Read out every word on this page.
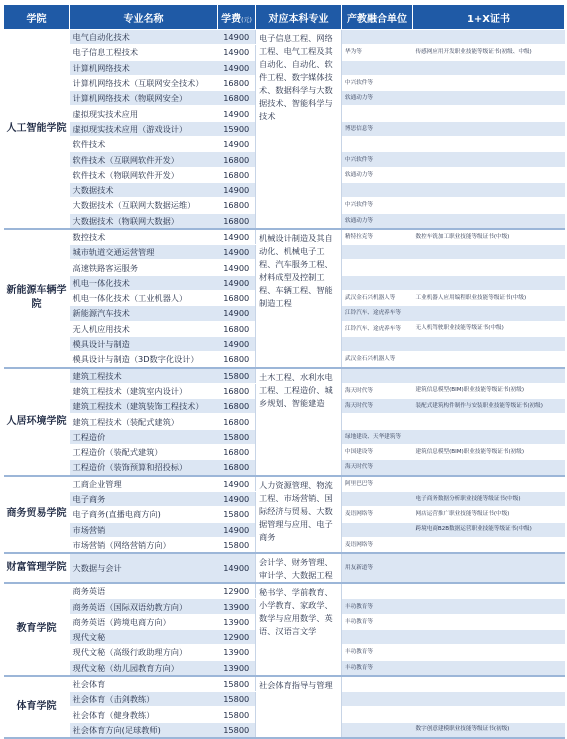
学院	专业名称	学费(元)	对应本科专业	产教融合单位	1+X证书
人工智能学院	电气自动化技术	14900	电子信息工程、网络工程、电气工程及其自动化、自动化、软件工程、数字媒体技术、数据科学与大数据技术、智能科学与技术		
	电子信息工程技术	14900		华为等	传感网应用开发职业技能等级证书(初级、中级)
	计算机网络技术	14900			
	计算机网络技术（互联网安全技术）	16800		中兴软件等	
	计算机网络技术（物联网安全）	16800		软通动力等	
	虚拟现实技术应用	14900			
	虚拟现实技术应用（游戏设计）	15900		博思信息等	
	软件技术	14900			
	软件技术（互联网软件开发）	16800		中兴软件等	
	软件技术（物联网软件开发）	16800		软通动力等	
	大数据技术	14900			
	大数据技术（互联网大数据运维）	16800		中兴软件等	
	大数据技术（物联网大数据）	16800		软通动力等	
新能源车辆学院	数控技术	14900	机械设计制造及其自动化、机械电子工程、汽车服务工程、材料成型及控制工程、车辆工程、智能制造工程	精特拉克等	数控车铣加工职业技能等级证书(中级)
	城市轨道交通运营管理	14900			
	高速铁路客运服务	14900			
	机电一体化技术	14900			
	机电一体化技术（工业机器人）	16800		武汉金石兴机器人等	工业机器人应用编程职业技能等级证书(中级)
	新能源汽车技术	14900		江铃汽车、途虎养车等	
	无人机应用技术	16800		江铃汽车、途虎养车等	无人机驾驶职业技能等级证书(中级)
	模具设计与制造	14900			
	模具设计与制造（3D数字化设计）	16800		武汉金石兴机器人等	
人居环境学院	建筑工程技术	15800	土木工程、水利水电工程、工程造价、城乡规划、智能建造		
	建筑工程技术（建筑室内设计）	16800		海天时代等	建筑信息模型(BIM)职业技能等级证书(初级)
	建筑工程技术（建筑装饰工程技术）	16800		海天时代等	装配式建筑构件制作与安装职业技能等级证书(初级)
	建筑工程技术（装配式建筑）	16800			
	工程造价	15800		绿地建设、天华建筑等	
	工程造价（装配式建筑）	16800		中国建设等	建筑信息模型(BIM)职业技能等级证书(初级)
	工程造价（装饰预算和招投标）	16800		海天时代等	
商务贸易学院	工商企业管理	14900	人力资源管理、物流工程、市场营销、国际经济与贸易、大数据管理与应用、电子商务	阿里巴巴等	
	电子商务	14900			电子商务数据分析职业技能等级证书(中级)
	电子商务(直播电商方向)	15800		麦语网络等	网店运营推广职业技能等级证书(中级)
	市场营销	14900			跨境电商B2B数据运营职业技能等级证书(中级)
	市场营销（网络营销方向）	15800		麦语网络等	
财富管理学院	大数据与会计	14900	会计学、财务管理、审计学、大数据工程	用友新道等	
教育学院	商务英语	12900	秘书学、学前教育、小学教育、家政学、数学与应用数学、英语、汉语言文学		
	商务英语（国际双语幼教方向）	13900		丰功教育等	
	商务英语（跨境电商方向）	13900		丰功教育等	
	现代文秘	12900			
	现代文秘（高级行政助理方向）	13900		丰功教育等	
	现代文秘（幼儿园教育方向）	13900		丰功教育等	
体育学院	社会体育	15800	社会体育指导与管理		
	社会体育（击剑教练）	15800			
	社会体育（健身教练）	15800			
	社会体育方向(足球教师)	15800			数字创意建模职业技能等级证书(初级)
